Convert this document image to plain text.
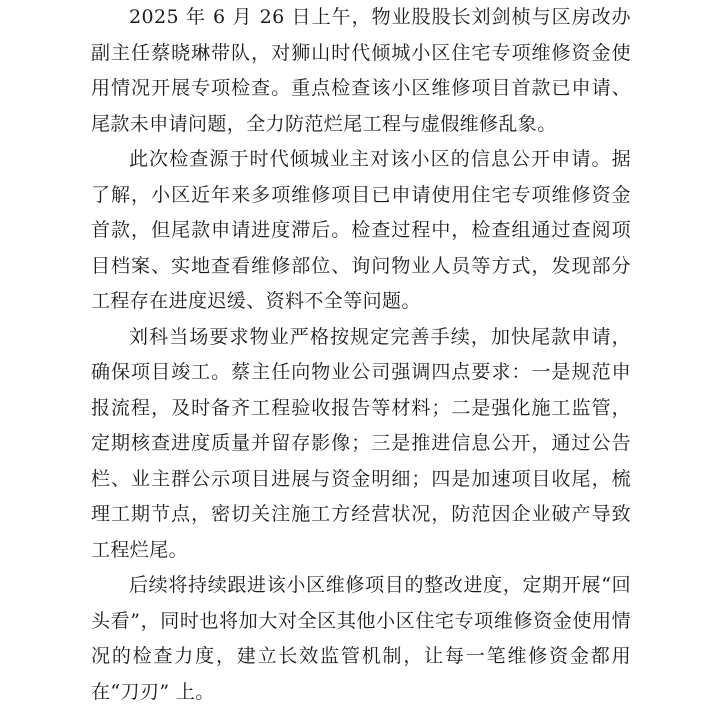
2025 年 6 月 26 日上午，物业股股长刘剑桢与区房改办副主任蔡晓琳带队，对狮山时代倾城小区住宅专项维修资金使用情况开展专项检查。重点检查该小区维修项目首款已申请、尾款未申请问题，全力防范烂尾工程与虚假维修乱象。

此次检查源于时代倾城业主对该小区的信息公开申请。据了解，小区近年来多项维修项目已申请使用住宅专项维修资金首款，但尾款申请进度滞后。检查过程中，检查组通过查阅项目档案、实地查看维修部位、询问物业人员等方式，发现部分工程存在进度迟缓、资料不全等问题。

刘科当场要求物业严格按规定完善手续，加快尾款申请，确保项目竣工。蔡主任向物业公司强调四点要求：一是规范申报流程，及时备齐工程验收报告等材料；二是强化施工监管，定期核查进度质量并留存影像；三是推进信息公开，通过公告栏、业主群公示项目进展与资金明细；四是加速项目收尾，梳理工期节点，密切关注施工方经营状况，防范因企业破产导致工程烂尾。

后续将持续跟进该小区维修项目的整改进度，定期开展“回头看”，同时也将加大对全区其他小区住宅专项维修资金使用情况的检查力度，建立长效监管机制，让每一笔维修资金都用在“刀刃” 上。
